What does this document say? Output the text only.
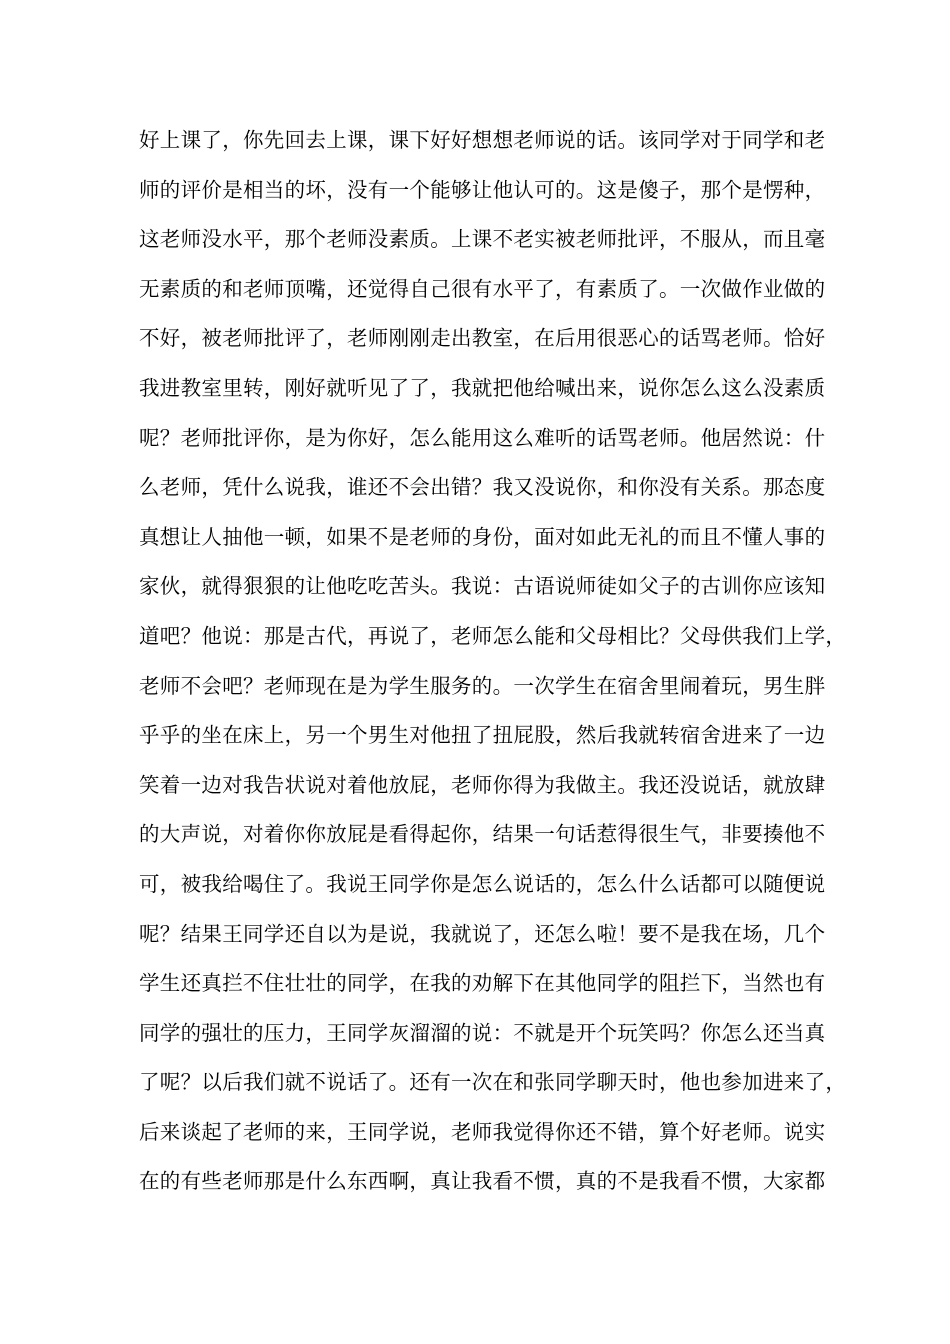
好上课了，你先回去上课，课下好好想想老师说的话。该同学对于同学和老
师的评价是相当的坏，没有一个能够让他认可的。这是傻子，那个是愣种，
这老师没水平，那个老师没素质。上课不老实被老师批评，不服从，而且毫
无素质的和老师顶嘴，还觉得自己很有水平了，有素质了。一次做作业做的
不好，被老师批评了，老师刚刚走出教室，在后用很恶心的话骂老师。恰好
我进教室里转，刚好就听见了了，我就把他给喊出来，说你怎么这么没素质
呢？老师批评你，是为你好，怎么能用这么难听的话骂老师。他居然说：什
么老师，凭什么说我，谁还不会出错？我又没说你，和你没有关系。那态度
真想让人抽他一顿，如果不是老师的身份，面对如此无礼的而且不懂人事的
家伙，就得狠狠的让他吃吃苦头。我说：古语说师徒如父子的古训你应该知
道吧？他说：那是古代，再说了，老师怎么能和父母相比？父母供我们上学，
老师不会吧？老师现在是为学生服务的。一次学生在宿舍里闹着玩，男生胖
乎乎的坐在床上，另一个男生对他扭了扭屁股，然后我就转宿舍进来了一边
笑着一边对我告状说对着他放屁，老师你得为我做主。我还没说话，就放肆
的大声说，对着你你放屁是看得起你，结果一句话惹得很生气，非要揍他不
可，被我给喝住了。我说王同学你是怎么说话的，怎么什么话都可以随便说
呢？结果王同学还自以为是说，我就说了，还怎么啦！要不是我在场，几个
学生还真拦不住壮壮的同学，在我的劝解下在其他同学的阻拦下，当然也有
同学的强壮的压力，王同学灰溜溜的说：不就是开个玩笑吗？你怎么还当真
了呢？以后我们就不说话了。还有一次在和张同学聊天时，他也参加进来了，
后来谈起了老师的来，王同学说，老师我觉得你还不错，算个好老师。说实
在的有些老师那是什么东西啊，真让我看不惯，真的不是我看不惯，大家都
